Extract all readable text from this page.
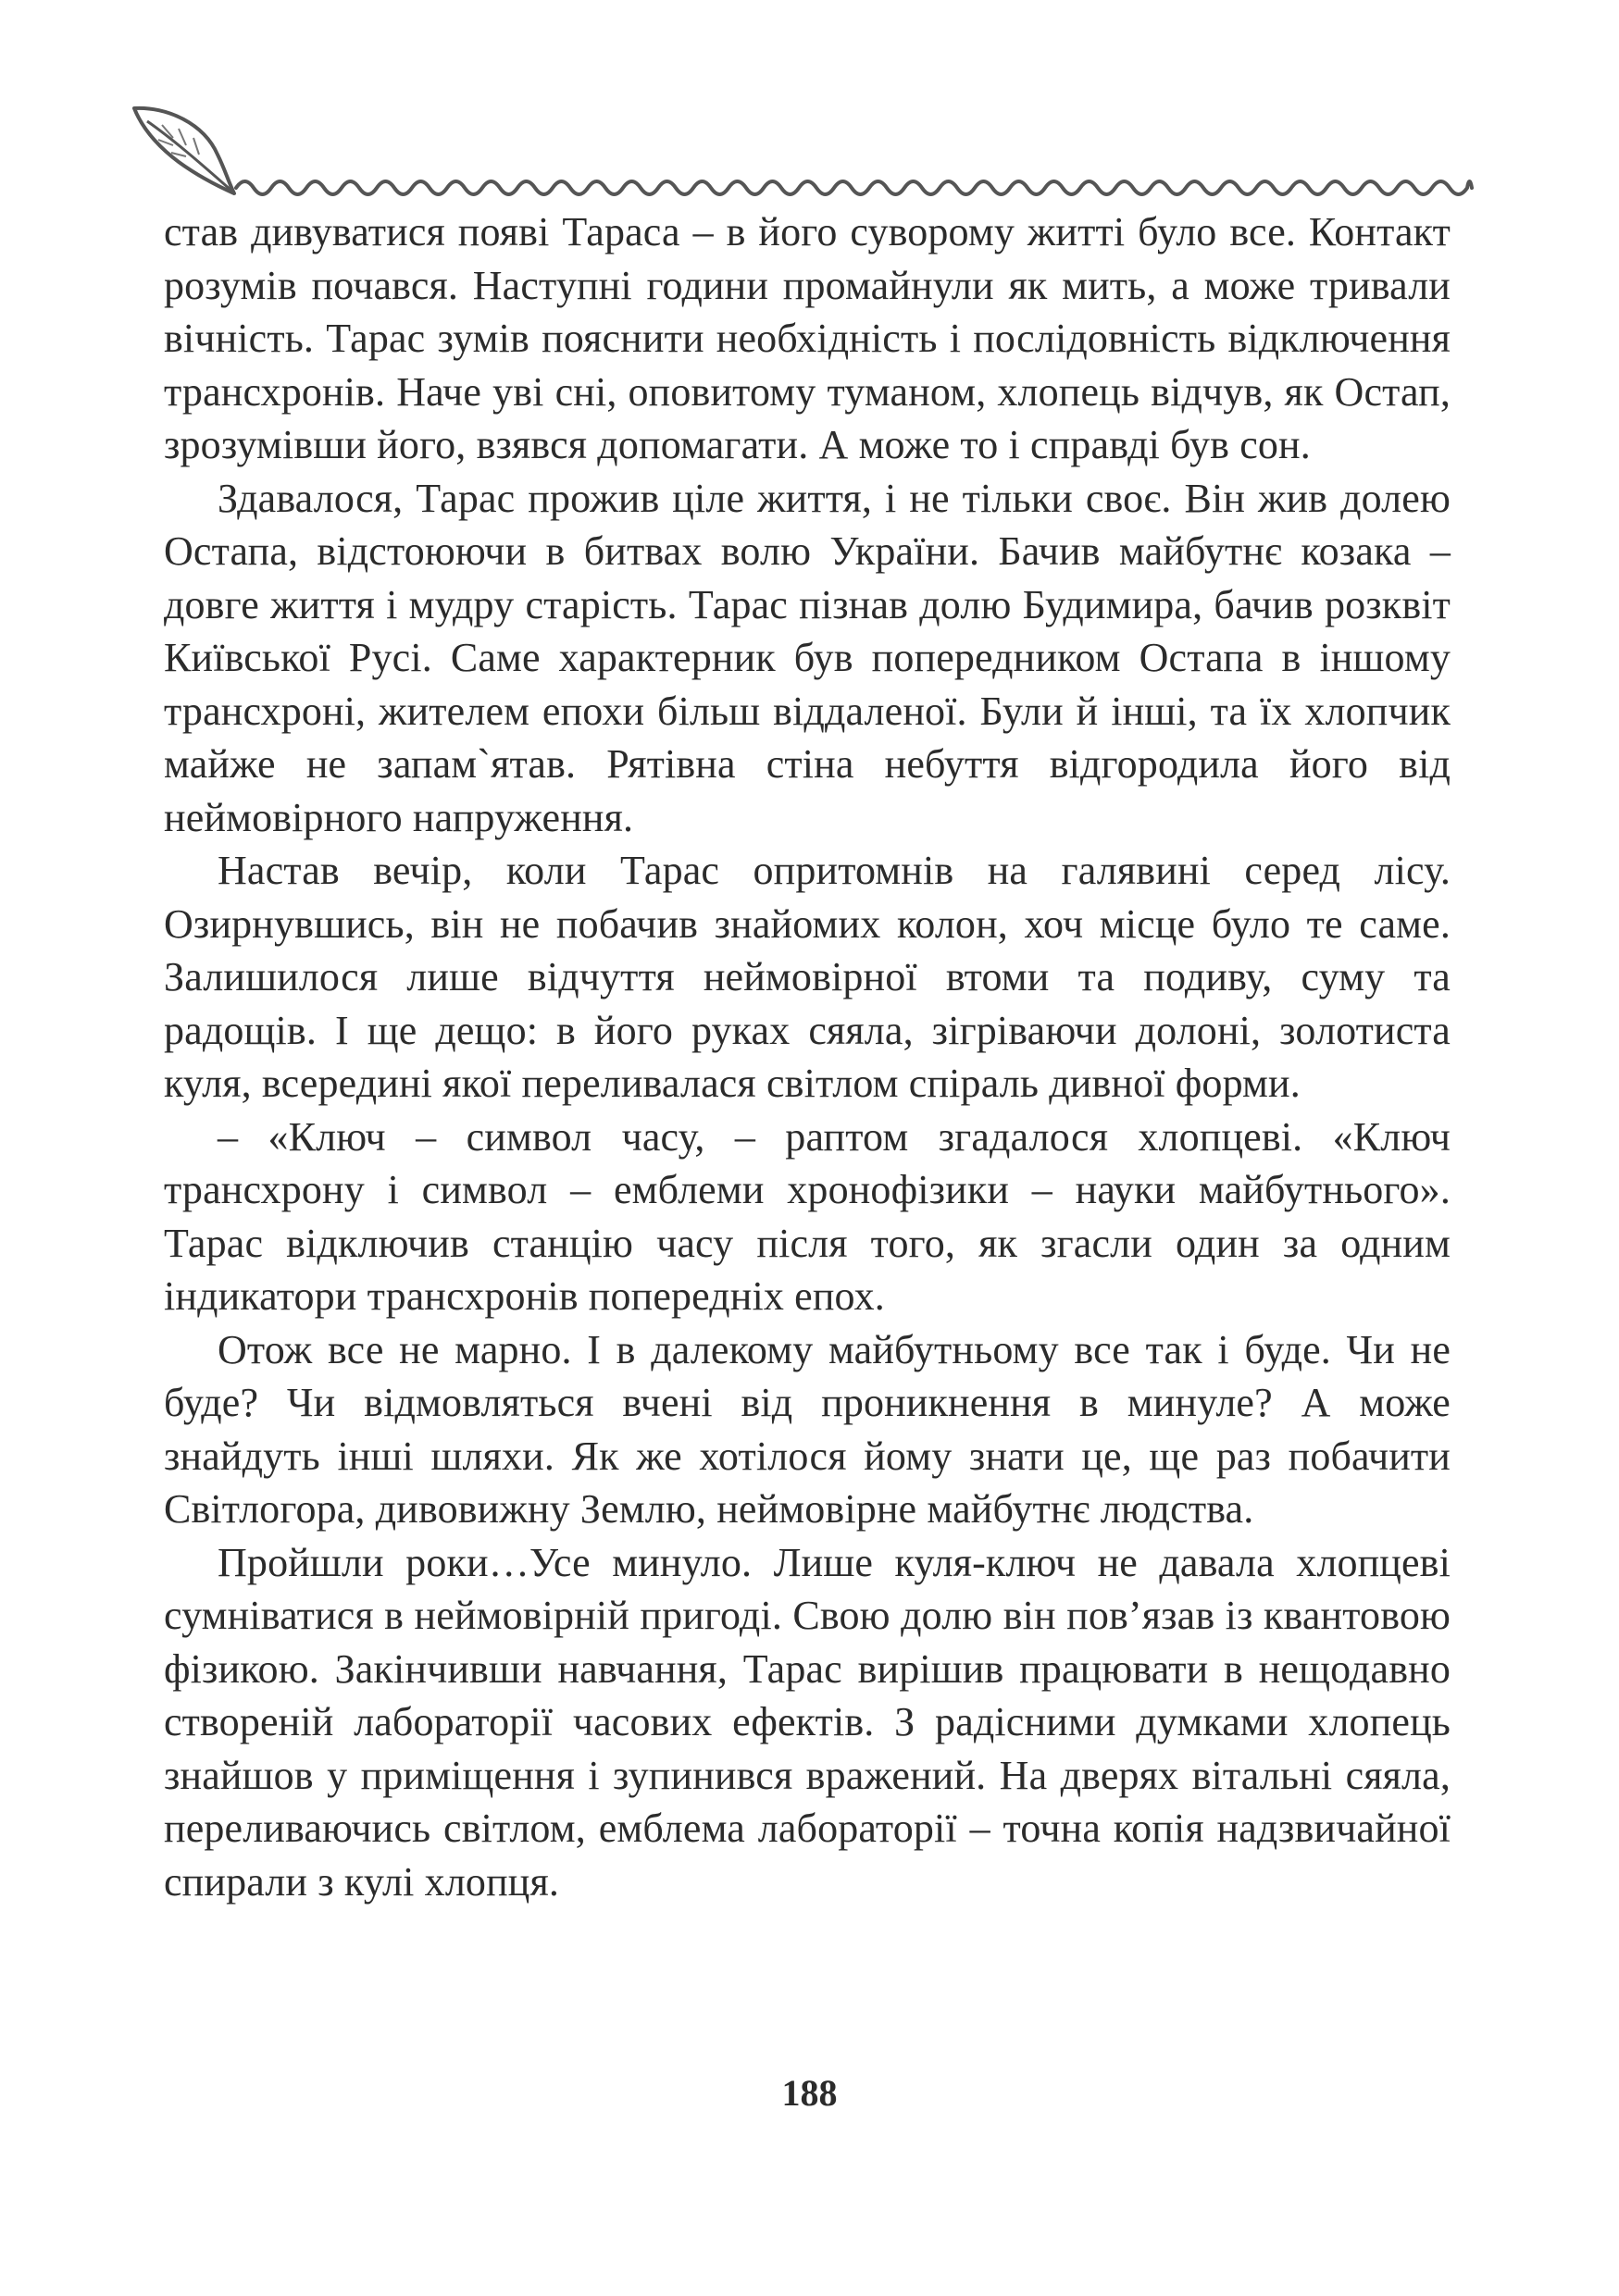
став дивуватися появі Тараса – в його суворому житті було все. Контакт розумів почався. Наступні години промайнули як мить, а може тривали вічність. Тарас зумів пояснити необхідність і послідовність відключення трансхронів. Наче уві сні, оповитому туманом, хлопець відчув, як Остап, зрозумівши його, взявся допомагати. А може то і справді був сон.

Здавалося, Тарас прожив ціле життя, і не тільки своє. Він жив долею Остапа, відстоюючи в битвах волю України. Бачив майбутнє козака – довге життя і мудру старість. Тарас пізнав долю Будимира, бачив розквіт Київської Русі. Саме характерник був попередником Остапа в іншому трансхроні, жителем епохи більш віддаленої. Були й інші, та їх хлопчик майже не запам`ятав. Рятівна стіна небуття відгородила його від неймовірного напруження.

Настав вечір, коли Тарас опритомнів на галявині серед лісу. Озирнувшись, він не побачив знайомих колон, хоч місце було те саме. Залишилося лише відчуття неймовірної втоми та подиву, суму та радощів. І ще дещо: в його руках сяяла, зігріваючи долоні, золотиста куля, всередині якої переливалася світлом спіраль дивної форми.

– «Ключ – символ часу, – раптом згадалося хлопцеві. «Ключ трансхрону і символ – емблеми хронофізики – науки майбутнього». Тарас відключив станцію часу після того, як згасли один за одним індикатори трансхронів попередніх епох.

Отож все не марно. І в далекому майбутньому все так і буде. Чи не буде? Чи відмовляться вчені від проникнення в минуле? А може знайдуть інші шляхи. Як же хотілося йому знати це, ще раз побачити Світлогора, дивовижну Землю, неймовірне майбутнє людства.

Пройшли роки…Усе минуло. Лише куля-ключ не давала хлопцеві сумніватися в неймовірній пригоді. Свою долю він пов’язав із квантовою фізикою. Закінчивши навчання, Тарас вирішив працювати в нещодавно створеній лабораторії часових ефектів. З радісними думками хлопець знайшов у приміщення і зупинився вражений. На дверях вітальні сяяла, переливаючись світлом, емблема лабораторії – точна копія надзвичайної спирали з кулі хлопця.

188
